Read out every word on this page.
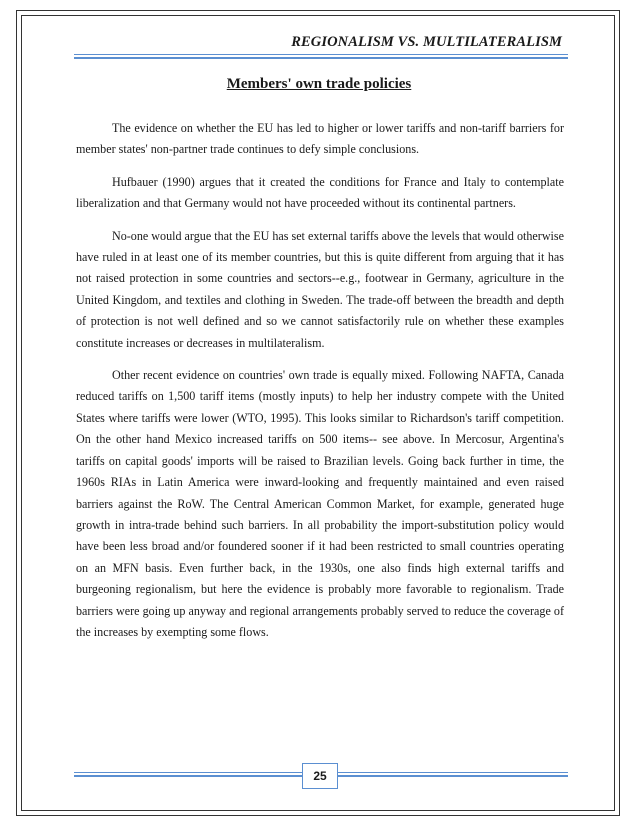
REGIONALISM VS. MULTILATERALISM
Members' own trade policies

The evidence on whether the EU has led to higher or lower tariffs and non-tariff barriers for member states' non-partner trade continues to defy simple conclusions.

Hufbauer (1990) argues that it created the conditions for France and Italy to contemplate liberalization and that Germany would not have proceeded without its continental partners.

No-one would argue that the EU has set external tariffs above the levels that would otherwise have ruled in at least one of its member countries, but this is quite different from arguing that it has not raised protection in some countries and sectors--e.g., footwear in Germany, agriculture in the United Kingdom, and textiles and clothing in Sweden. The trade-off between the breadth and depth of protection is not well defined and so we cannot satisfactorily rule on whether these examples constitute increases or decreases in multilateralism.

Other recent evidence on countries' own trade is equally mixed. Following NAFTA, Canada reduced tariffs on 1,500 tariff items (mostly inputs) to help her industry compete with the United States where tariffs were lower (WTO, 1995). This looks similar to Richardson's tariff competition. On the other hand Mexico increased tariffs on 500 items-- see above. In Mercosur, Argentina's tariffs on capital goods' imports will be raised to Brazilian levels. Going back further in time, the 1960s RIAs in Latin America were inward-looking and frequently maintained and even raised barriers against the RoW. The Central American Common Market, for example, generated huge growth in intra-trade behind such barriers. In all probability the import-substitution policy would have been less broad and/or foundered sooner if it had been restricted to small countries operating on an MFN basis. Even further back, in the 1930s, one also finds high external tariffs and burgeoning regionalism, but here the evidence is probably more favorable to regionalism. Trade barriers were going up anyway and regional arrangements probably served to reduce the coverage of the increases by exempting some flows.

25
